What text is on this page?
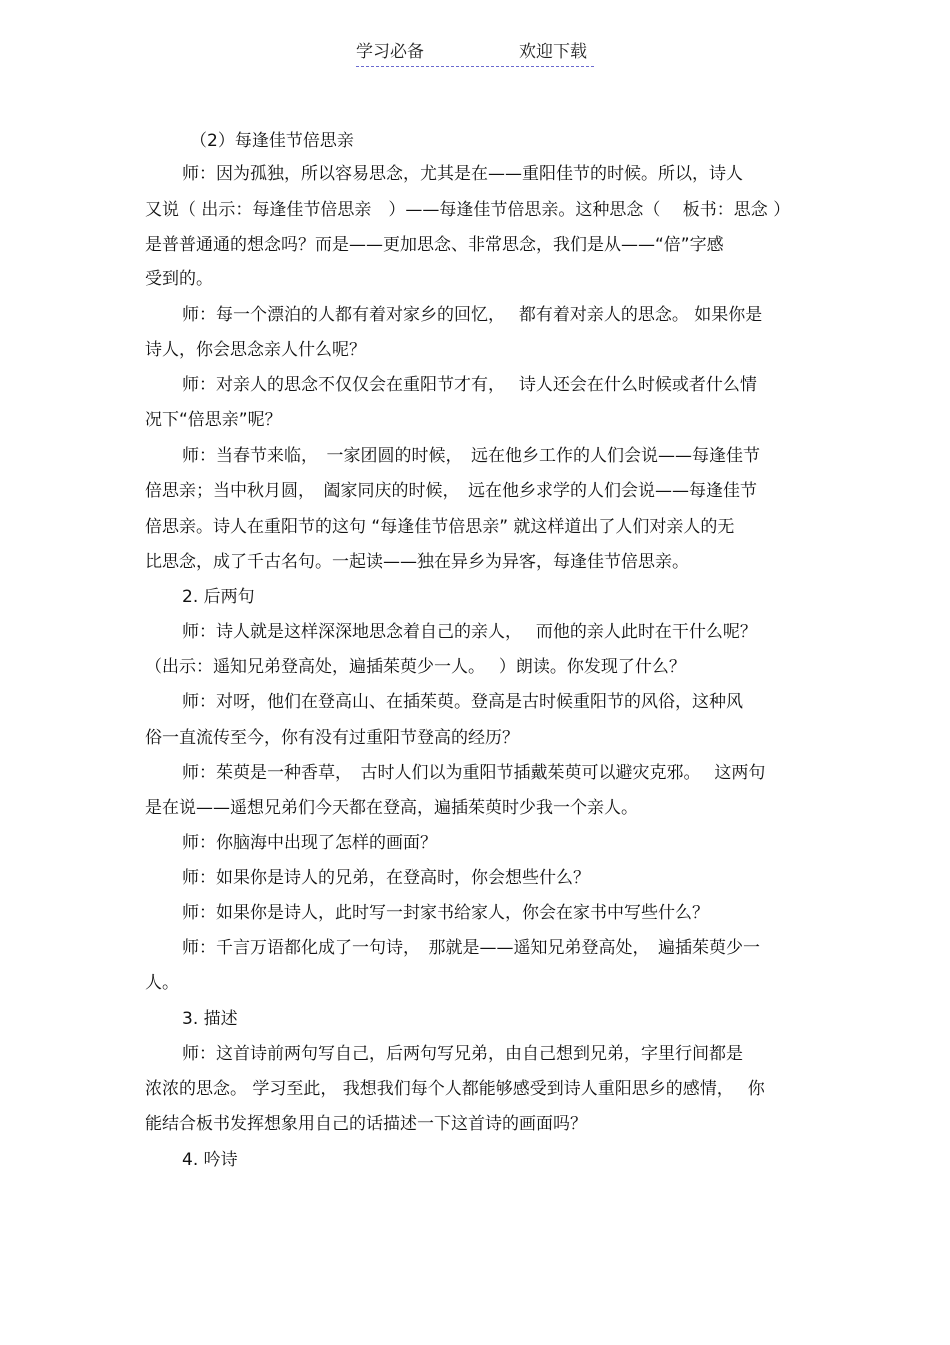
学习必备	欢迎下载
（2）每逢佳节倍思亲
师：因为孤独，所以容易思念，尤其是在——重阳佳节的时候。所以，诗人
又说（ 出示：每逢佳节倍思亲　）——每逢佳节倍思亲。这种思念（　 板书：思念 ）
是普普通通的想念吗？而是——更加思念、非常思念，我们是从——“倍”字感
受到的。
师：每一个漂泊的人都有着对家乡的回忆，　 都有着对亲人的思念。 如果你是
诗人，你会思念亲人什么呢？
师：对亲人的思念不仅仅会在重阳节才有，　 诗人还会在什么时候或者什么情
况下“倍思亲”呢？
师：当春节来临，　一家团圆的时候，　远在他乡工作的人们会说——每逢佳节
倍思亲；当中秋月圆，　阖家同庆的时候，　远在他乡求学的人们会说——每逢佳节
倍思亲。诗人在重阳节的这句 “每逢佳节倍思亲” 就这样道出了人们对亲人的无
比思念，成了千古名句。一起读——独在异乡为异客，每逢佳节倍思亲。
2. 后两句
师：诗人就是这样深深地思念着自己的亲人，　 而他的亲人此时在干什么呢？
（出示：遥知兄弟登高处，遍插茱萸少一人。　 ）朗读。你发现了什么？
师：对呀，他们在登高山、在插茱萸。登高是古时候重阳节的风俗，这种风
俗一直流传至今，你有没有过重阳节登高的经历？
师：茱萸是一种香草，　古时人们以为重阳节插戴茱萸可以避灾克邪。　 这两句
是在说——遥想兄弟们今天都在登高，遍插茱萸时少我一个亲人。
师：你脑海中出现了怎样的画面？
师：如果你是诗人的兄弟，在登高时，你会想些什么？
师：如果你是诗人，此时写一封家书给家人，你会在家书中写些什么？
师：千言万语都化成了一句诗，　那就是——遥知兄弟登高处，　遍插茱萸少一
人。
3. 描述
师：这首诗前两句写自己，后两句写兄弟，由自己想到兄弟，字里行间都是
浓浓的思念。 学习至此， 我想我们每个人都能够感受到诗人重阳思乡的感情，　 你
能结合板书发挥想象用自己的话描述一下这首诗的画面吗？
4. 吟诗
